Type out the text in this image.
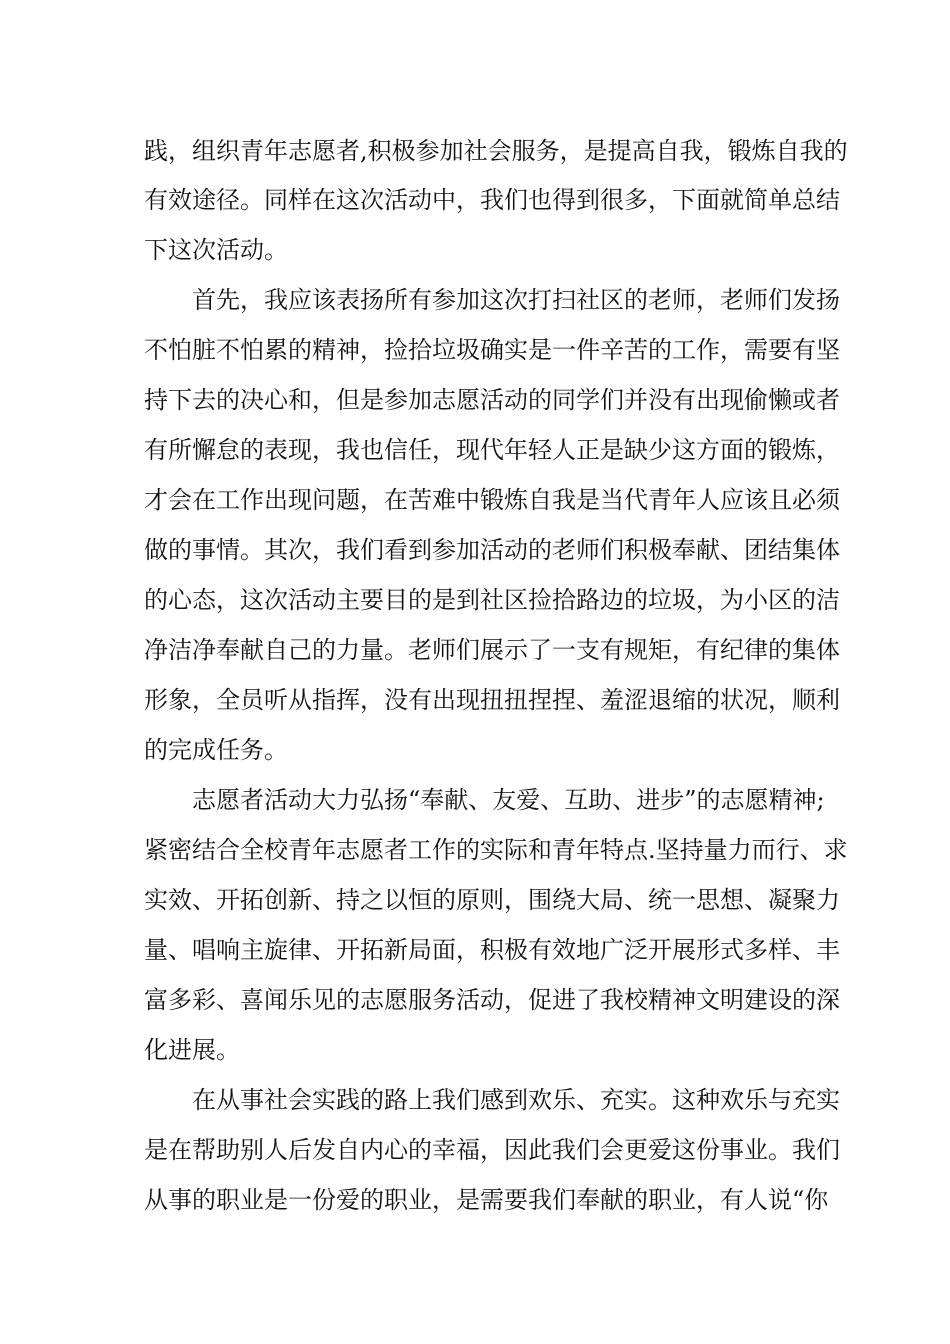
践，组织青年志愿者,积极参加社会服务，是提高自我，锻炼自我的

有效途径。同样在这次活动中，我们也得到很多，下面就简单总结

下这次活动。

首先，我应该表扬所有参加这次打扫社区的老师，老师们发扬

不怕脏不怕累的精神，捡拾垃圾确实是一件辛苦的工作，需要有坚

持下去的决心和，但是参加志愿活动的同学们并没有出现偷懒或者

有所懈怠的表现，我也信任，现代年轻人正是缺少这方面的锻炼，

才会在工作出现问题，在苦难中锻炼自我是当代青年人应该且必须

做的事情。其次，我们看到参加活动的老师们积极奉献、团结集体

的心态，这次活动主要目的是到社区捡拾路边的垃圾，为小区的洁

净洁净奉献自己的力量。老师们展示了一支有规矩，有纪律的集体

形象，全员听从指挥，没有出现扭扭捏捏、羞涩退缩的状况，顺利

的完成任务。

志愿者活动大力弘扬“奉献、友爱、互助、进步”的志愿精神;

紧密结合全校青年志愿者工作的实际和青年特点.坚持量力而行、求

实效、开拓创新、持之以恒的原则，围绕大局、统一思想、凝聚力

量、唱响主旋律、开拓新局面，积极有效地广泛开展形式多样、丰

富多彩、喜闻乐见的志愿服务活动，促进了我校精神文明建设的深

化进展。

在从事社会实践的路上我们感到欢乐、充实。这种欢乐与充实

是在帮助别人后发自内心的幸福，因此我们会更爱这份事业。我们

从事的职业是一份爱的职业，是需要我们奉献的职业，有人说“你
